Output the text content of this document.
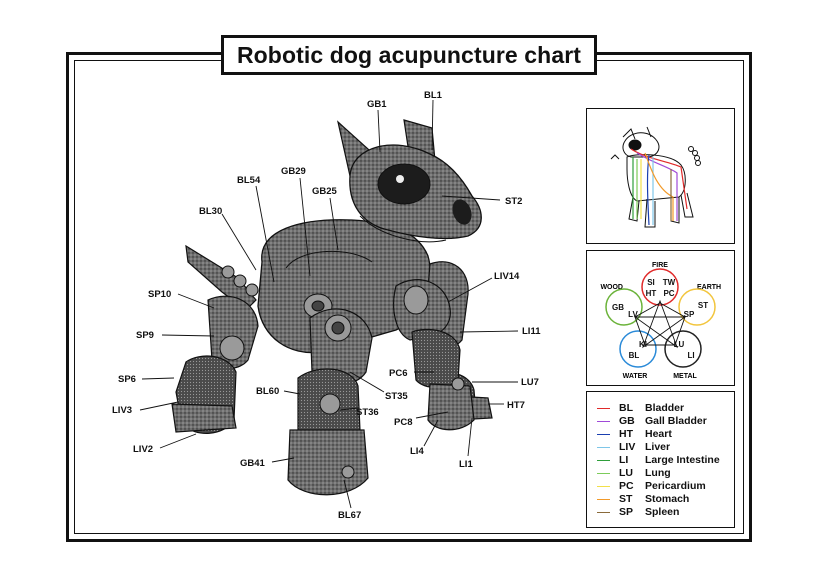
Robotic dog acupuncture chart
GB1
BL1
GB29
BL54
GB25
ST2
BL30
LIV14
SP10
LI11
SP9
SP6
PC6
LU7
BL60	ST35
LIV3	HT7
ST36
PC8
LIV2	LI4
LI1
GB41
BL67
FIRE
EARTH
METAL
WATER
WOOD
SI TW
HT PC
ST
SP
LU
LI
KI
BL
GB
LV
BL	Bladder
GB Gall Bladder
HT	Heart
LIV Liver
LI	Large Intestine
LU	Lung
PC	Pericardium
ST	Stomach
SP	Spleen
